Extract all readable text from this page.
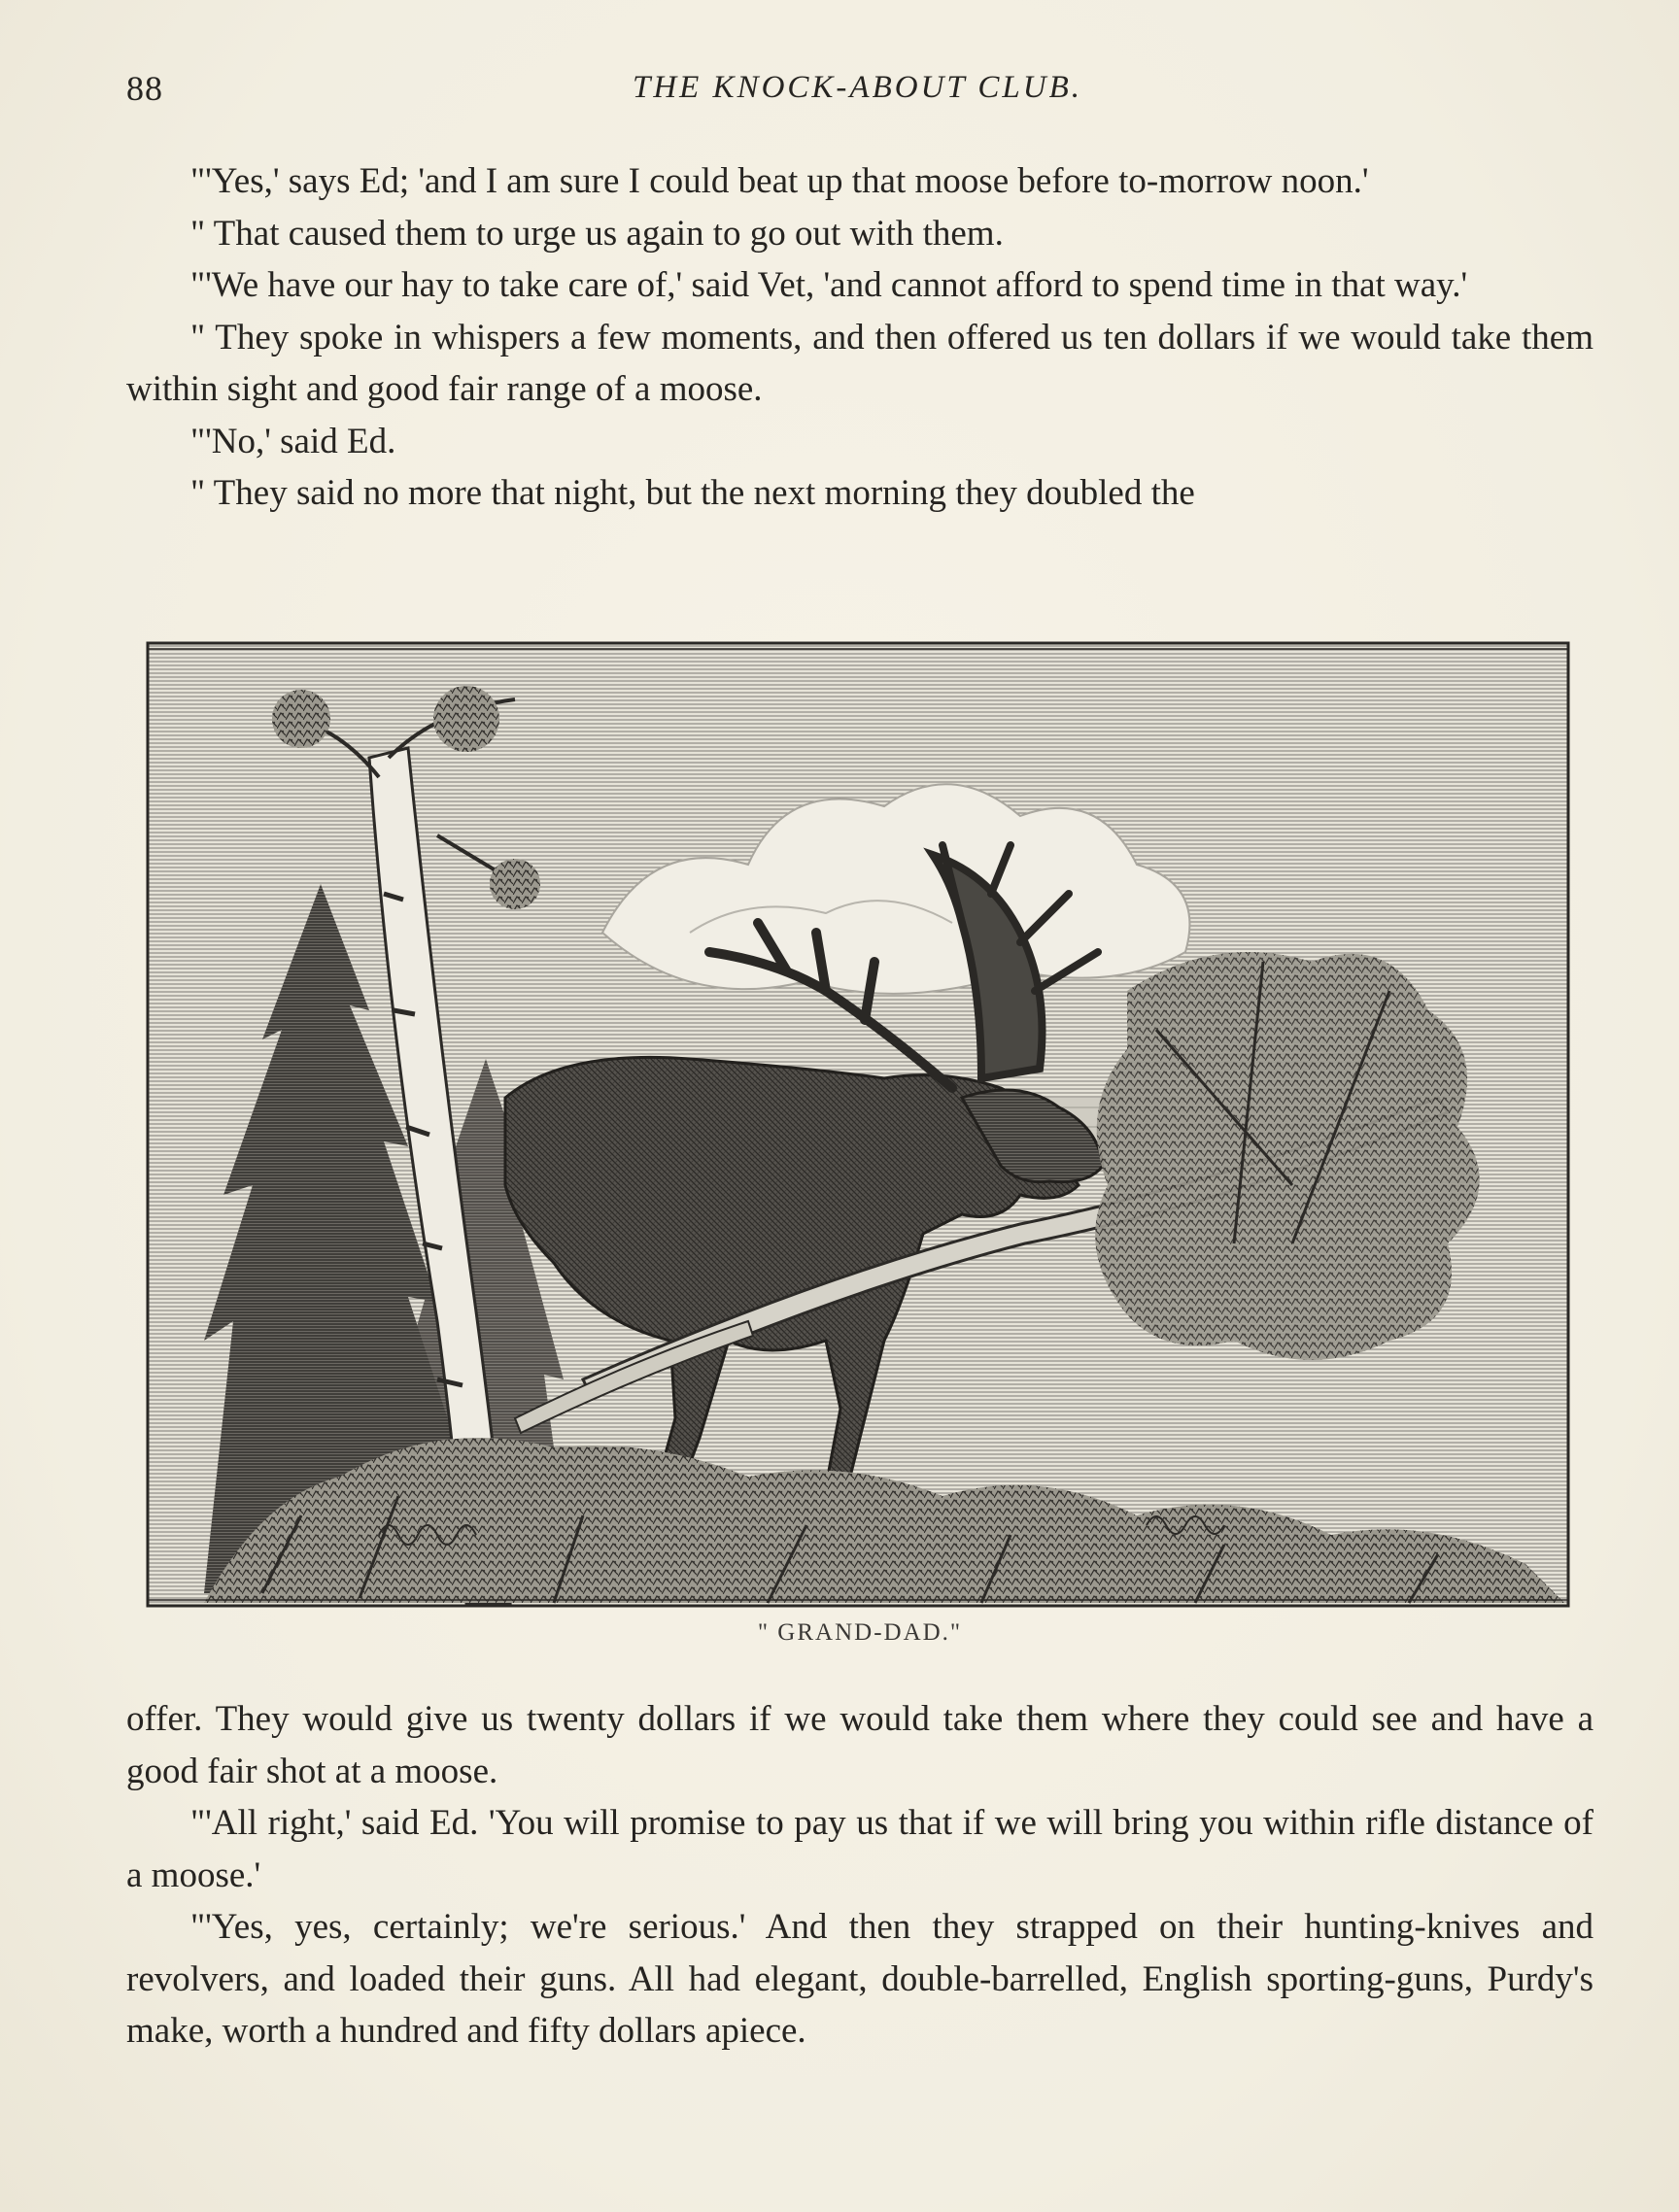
88	THE KNOCK-ABOUT CLUB.

"'Yes,' says Ed; 'and I am sure I could beat up that moose before to-morrow noon.'

" That caused them to urge us again to go out with them.

"'We have our hay to take care of,' said Vet, 'and cannot afford to spend time in that way.'

" They spoke in whispers a few moments, and then offered us ten dollars if we would take them within sight and good fair range of a moose.

"'No,' said Ed.

" They said no more that night, but the next morning they doubled the

" GRAND-DAD."

offer. They would give us twenty dollars if we would take them where they could see and have a good fair shot at a moose.

"'All right,' said Ed. 'You will promise to pay us that if we will bring you within rifle distance of a moose.'

"'Yes, yes, certainly; we're serious.' And then they strapped on their hunting-knives and revolvers, and loaded their guns. All had elegant, double-barrelled, English sporting-guns, Purdy's make, worth a hundred and fifty dollars apiece.
